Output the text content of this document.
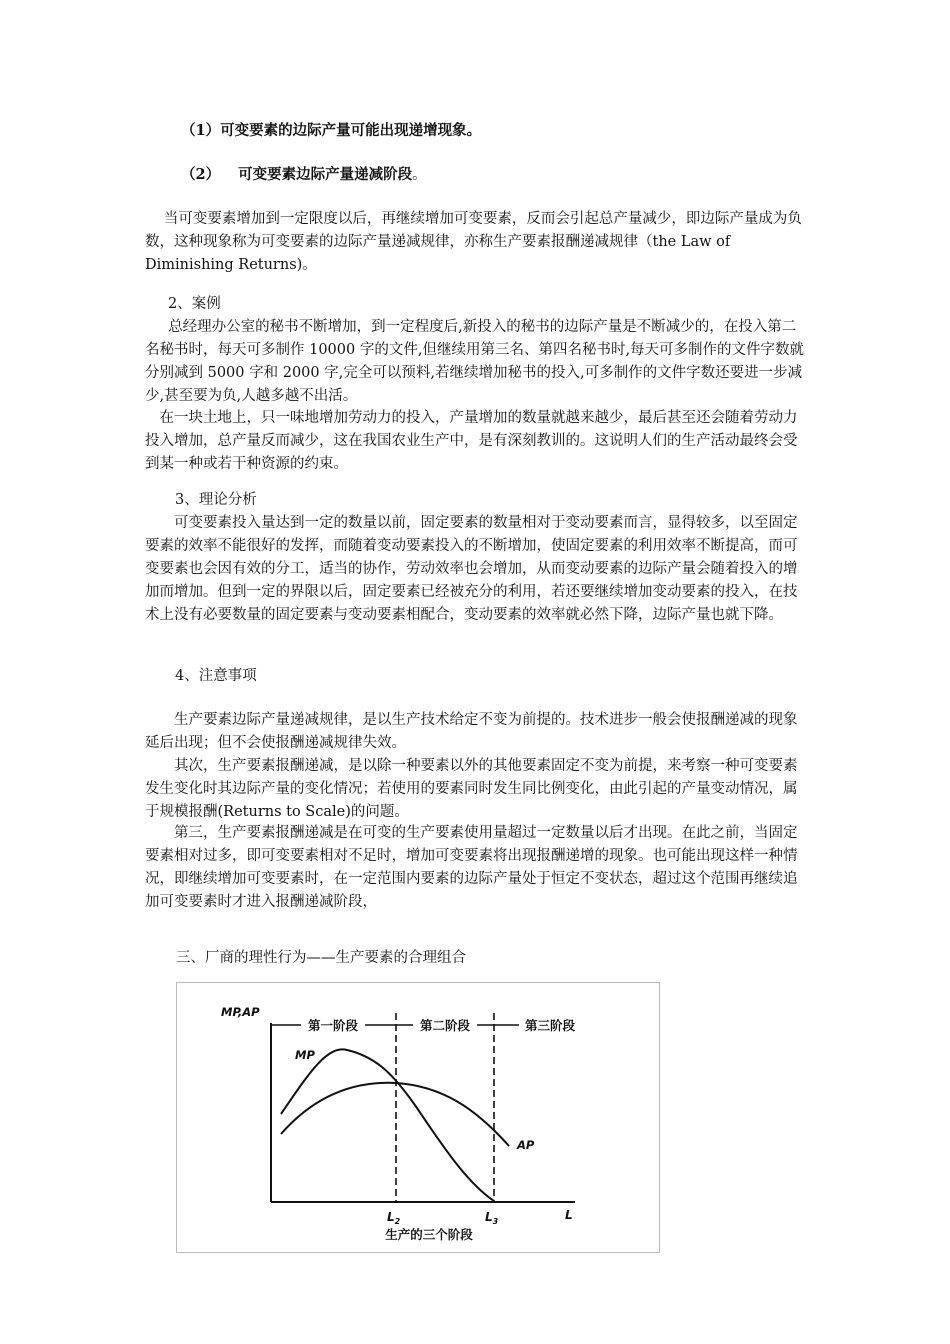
（1）可变要素的边际产量可能出现递增现象。

（2） 可变要素边际产量递减阶段。

当可变要素增加到一定限度以后，再继续增加可变要素，反而会引起总产量减少，即边际产量成为负数，这种现象称为可变要素的边际产量递减规律，亦称生产要素报酬递减规律（the Law of Diminishing Returns)。

2、案例

总经理办公室的秘书不断增加，到一定程度后,新投入的秘书的边际产量是不断减少的，在投入第二名秘书时，每天可多制作 10000 字的文件,但继续用第三名、第四名秘书时,每天可多制作的文件字数就分别减到 5000 字和 2000 字,完全可以预料,若继续增加秘书的投入,可多制作的文件字数还要进一步减少,甚至要为负,人越多越不出活。

在一块土地上，只一味地增加劳动力的投入，产量增加的数量就越来越少，最后甚至还会随着劳动力投入增加，总产量反而减少，这在我国农业生产中，是有深刻教训的。这说明人们的生产活动最终会受到某一种或若干种资源的约束。

3、理论分析

可变要素投入量达到一定的数量以前，固定要素的数量相对于变动要素而言，显得较多，以至固定要素的效率不能很好的发挥，而随着变动要素投入的不断增加，使固定要素的利用效率不断提高，而可变要素也会因有效的分工，适当的协作，劳动效率也会增加，从而变动要素的边际产量会随着投入的增加而增加。但到一定的界限以后，固定要素已经被充分的利用，若还要继续增加变动要素的投入，在技术上没有必要数量的固定要素与变动要素相配合，变动要素的效率就必然下降，边际产量也就下降。

4、注意事项

生产要素边际产量递减规律，是以生产技术给定不变为前提的。技术进步一般会使报酬递减的现象延后出现；但不会使报酬递减规律失效。

其次，生产要素报酬递减，是以除一种要素以外的其他要素固定不变为前提，来考察一种可变要素发生变化时其边际产量的变化情况；若使用的要素同时发生同比例变化，由此引起的产量变动情况，属于规模报酬(Returns to Scale)的问题。

第三，生产要素报酬递减是在可变的生产要素使用量超过一定数量以后才出现。在此之前，当固定要素相对过多，即可变要素相对不足时，增加可变要素将出现报酬递增的现象。也可能出现这样一种情况，即继续增加可变要素时，在一定范围内要素的边际产量处于恒定不变状态，超过这个范围再继续追加可变要素时才进入报酬递减阶段，

三、厂商的理性行为——生产要素的合理组合

第一阶段	第二阶段	第三阶段
MP,AP
MP
AP
$L_2$	$L_3$	L
生产的三个阶段
